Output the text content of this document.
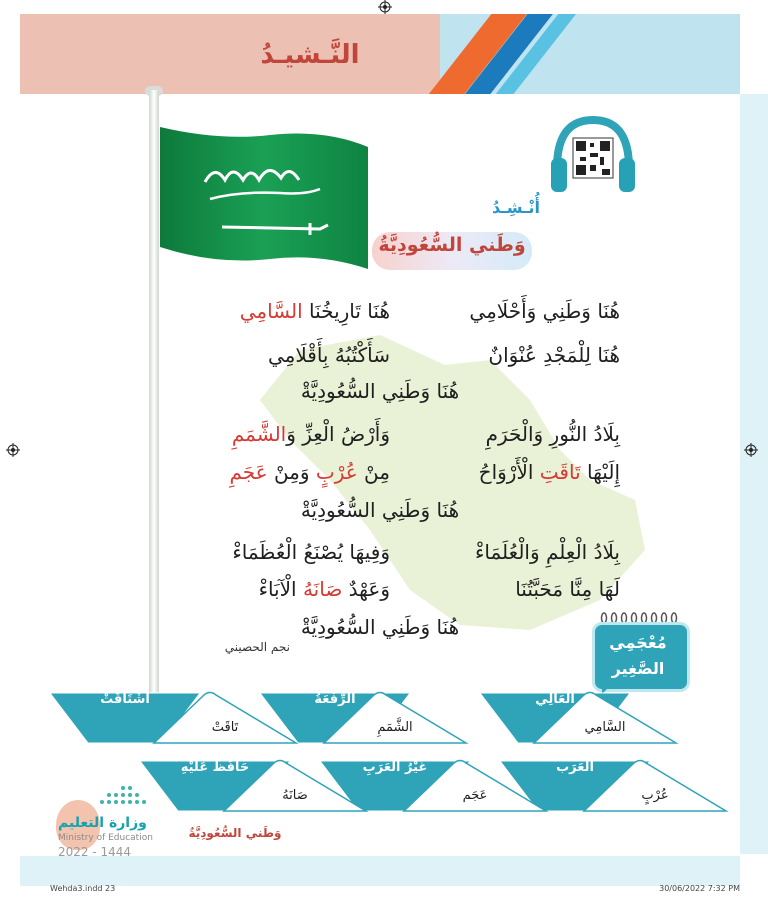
النَّـشيـدُ
أُنْـشِـدُ
وَطَني السُّعُودِيَّةُ
هُنَا وَطَنِي وَأَحْلَامِي
هُنَا تَارِيخُنَا السَّامِي
هُنَا لِلْمَجْدِ عُنْوَانٌ
سَأَكْتُبُهُ بِأَقْلَامِي
هُنَا وَطَنِي السُّعُودِيَّةْ
بِلَادُ النُّورِ وَالْحَرَمِ
وَأَرْضُ الْعِزِّ وَالشَّمَمِ
إِلَيْهَا تَاقَتِ الْأَرْوَاحُ
مِنْ عُرْبٍ وَمِنْ عَجَمِ
هُنَا وَطَنِي السُّعُودِيَّةْ
بِلَادُ الْعِلْمِ وَالْعُلَمَاءْ
وَفِيهَا يُصْنَعُ الْعُظَمَاءْ
لَهَا مِنَّا مَحَبَّتُنَا
وَعَهْدٌ صَانَهُ الْآبَاءْ
هُنَا وَطَنِي السُّعُودِيَّةْ
نجم الحصيني	مُعْجَمِي
الصَّغِير
العَالِي
السَّامِي
الرِّفْعَةُ
الشَّمَمِ
اشْتَاقَتْ
تَاقَتْ
العَرَب
عُرْبٍ
غَيْرُ العَرَبِ
عَجَم
حَافَظَ عَلَيْهِ
صَانَهُ
وزارة التعليم
Ministry of Education
2022 - 1444
وَطَني السُّعُودِيَّةُ
Wehda3.indd 23	30/06/2022 7:32 PM
